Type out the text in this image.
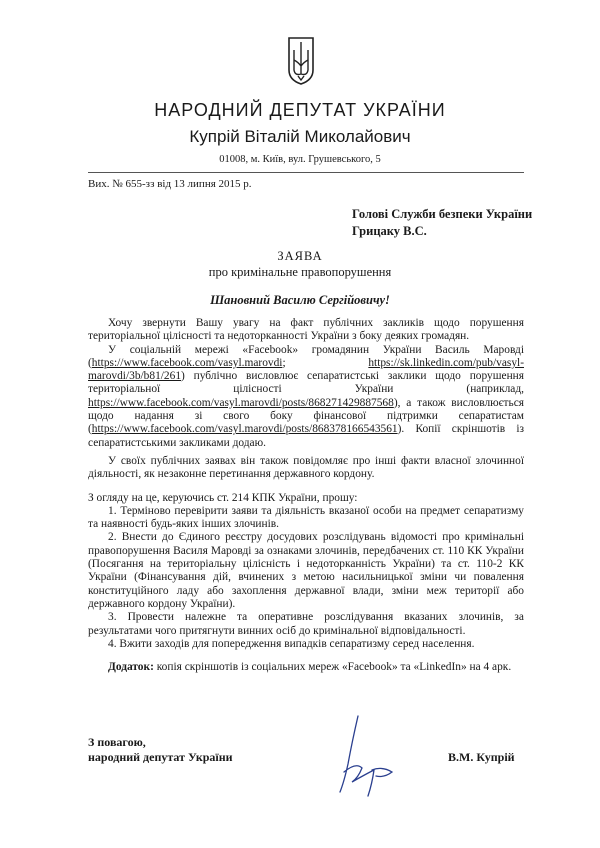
НАРОДНИЙ ДЕПУТАТ УКРАЇНИ
Купрій Віталій Миколайович
01008, м. Київ, вул. Грушевського, 5
Вих. № 655-зз від 13 липня 2015 р.
Голові Служби безпеки України
Грицаку В.С.
ЗАЯВА
про кримінальне правопорушення
Шановний Василю Сергійовичу!

Хочу звернути Вашу увагу на факт публічних закликів щодо порушення територіальної цілісності та недоторканності України з боку деяких громадян.

У соціальній мережі «Facebook» громадянин України Василь Маровді (https://www.facebook.com/vasyl.marovdi; https://sk.linkedin.com/pub/vasyl-marovdi/3b/b81/261) публічно висловлює сепаратистські заклики щодо порушення територіальної цілісності України (наприклад, https://www.facebook.com/vasyl.marovdi/posts/868271429887568), а також висловлюється щодо надання зі свого боку фінансової підтримки сепаратистам (https://www.facebook.com/vasyl.marovdi/posts/868378166543561). Копії скріншотів із сепаратистськими закликами додаю.

У своїх публічних заявах він також повідомляє про інші факти власної злочинної діяльності, як незаконне перетинання державного кордону.

З огляду на це, керуючись ст. 214 КПК України, прошу:

1. Терміново перевірити заяви та діяльність вказаної особи на предмет сепаратизму та наявності будь-яких інших злочинів.

2. Внести до Єдиного реєстру досудових розслідувань відомості про кримінальні правопорушення Василя Маровді за ознаками злочинів, передбачених ст. 110 КК України (Посягання на територіальну цілісність і недоторканність України) та ст. 110-2 КК України (Фінансування дій, вчинених з метою насильницької зміни чи повалення конституційного ладу або захоплення державної влади, зміни меж території або державного кордону України).

3. Провести належне та оперативне розслідування вказаних злочинів, за результатами чого притягнути винних осіб до кримінальної відповідальності.

4. Вжити заходів для попередження випадків сепаратизму серед населення.

Додаток: копія скріншотів із соціальних мереж «Facebook» та «LinkedIn» на 4 арк.

З повагою,
народний депутат України	В.М. Купрій
